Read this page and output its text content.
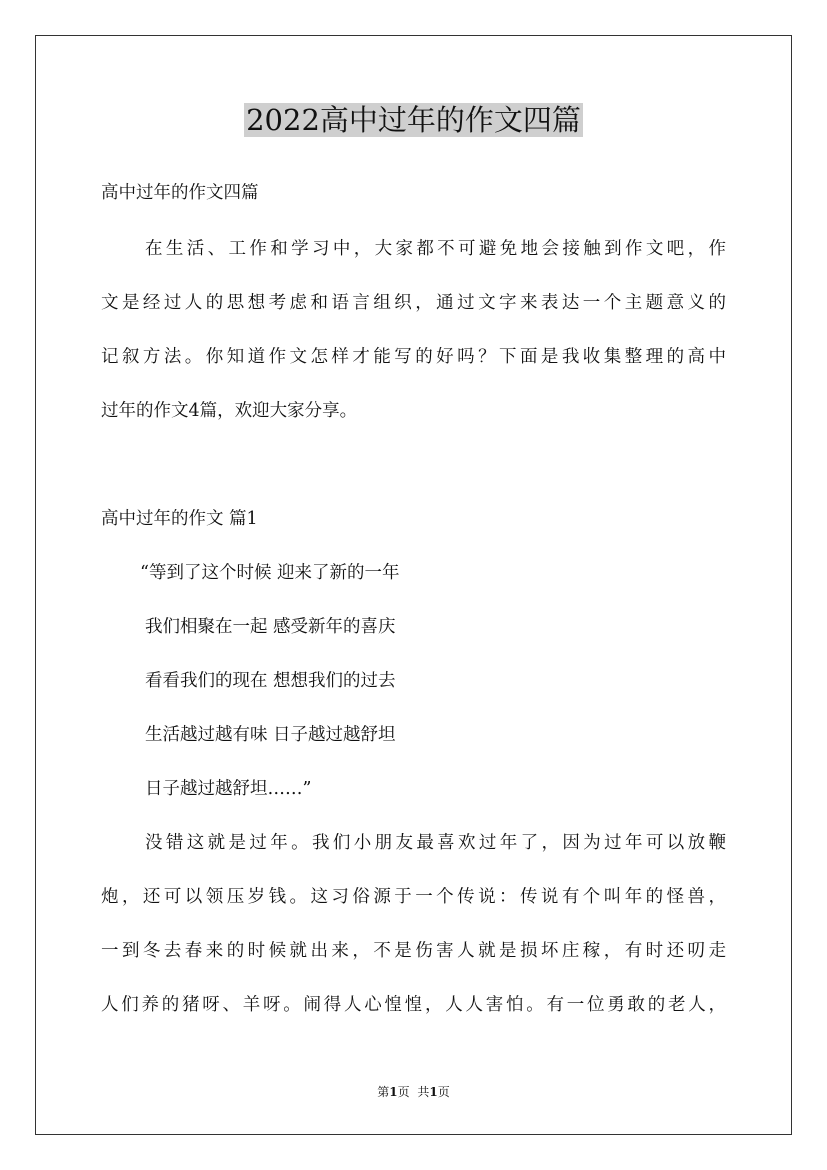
2022高中过年的作文四篇
高中过年的作文四篇
在生活、工作和学习中，大家都不可避免地会接触到作文吧，作
文是经过人的思想考虑和语言组织，通过文字来表达一个主题意义的
记叙方法。你知道作文怎样才能写的好吗？下面是我收集整理的高中
过年的作文4篇，欢迎大家分享。
高中过年的作文 篇1
“等到了这个时候 迎来了新的一年
我们相聚在一起 感受新年的喜庆
看看我们的现在 想想我们的过去
生活越过越有味 日子越过越舒坦
日子越过越舒坦……”
没错这就是过年。我们小朋友最喜欢过年了，因为过年可以放鞭
炮，还可以领压岁钱。这习俗源于一个传说：传说有个叫年的怪兽，
一到冬去春来的时候就出来，不是伤害人就是损坏庄稼，有时还叨走
人们养的猪呀、羊呀。闹得人心惶惶，人人害怕。有一位勇敢的老人，
第1页 共1页
